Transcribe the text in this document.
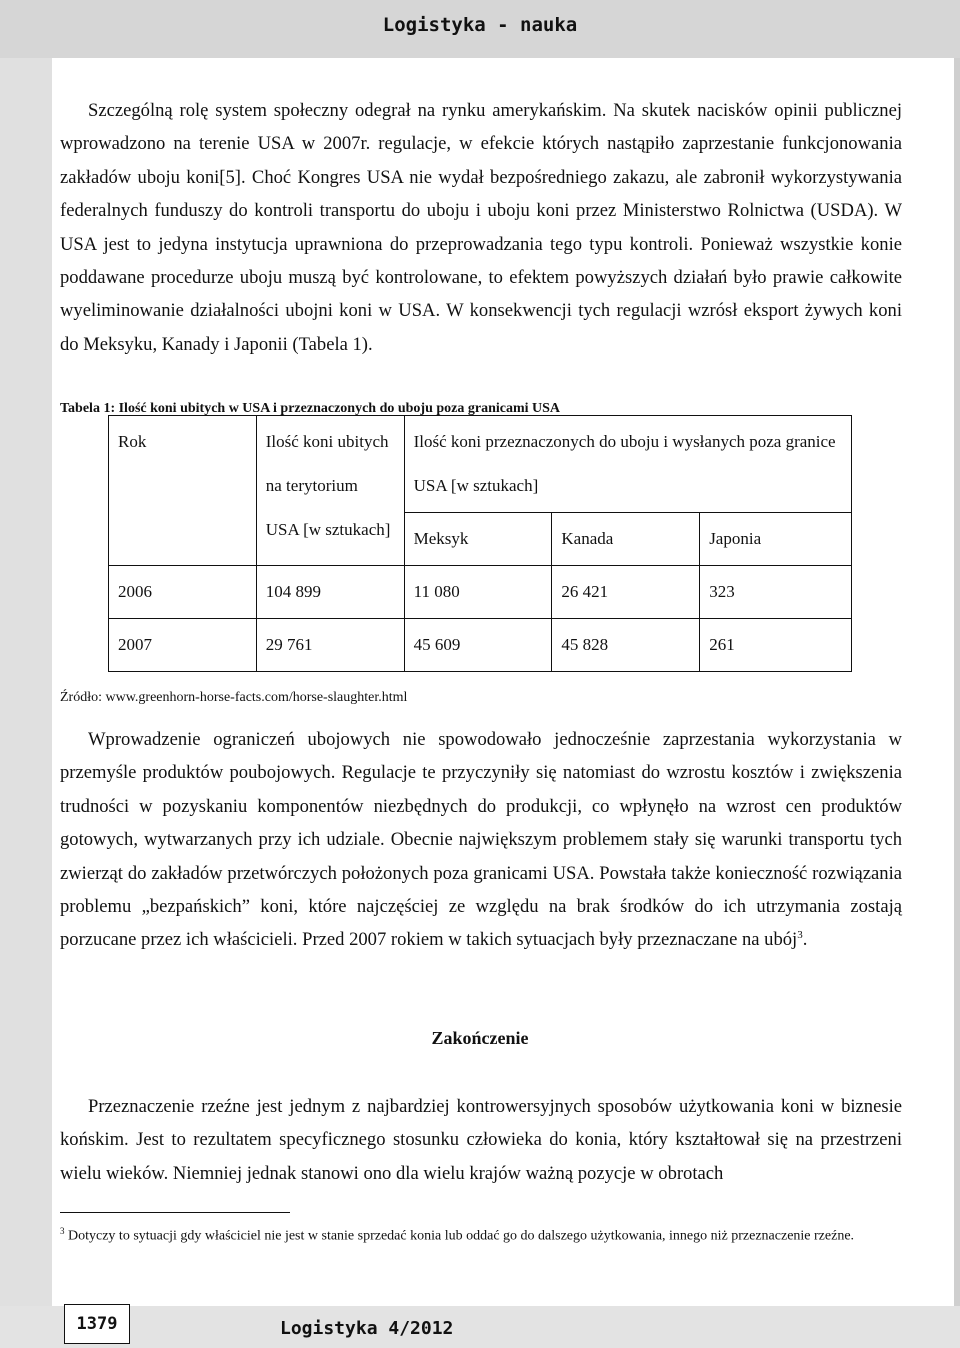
Logistyka - nauka

Szczególną rolę system społeczny odegrał na rynku amerykańskim. Na skutek nacisków opinii publicznej wprowadzono na terenie USA w 2007r. regulacje, w efekcie których nastąpiło zaprzestanie funkcjonowania zakładów uboju koni[5]. Choć Kongres USA nie wydał bezpośredniego zakazu, ale zabronił wykorzystywania federalnych funduszy do kontroli transportu do uboju i uboju koni przez Ministerstwo Rolnictwa (USDA). W USA jest to jedyna instytucja uprawniona do przeprowadzania tego typu kontroli. Ponieważ wszystkie konie poddawane procedurze uboju muszą być kontrolowane, to efektem powyższych działań było prawie całkowite wyeliminowanie działalności ubojni koni w USA. W konsekwencji tych regulacji wzrósł eksport żywych koni do Meksyku, Kanady i Japonii (Tabela 1).

Tabela 1: Ilość koni ubitych w USA i przeznaczonych do uboju poza granicami USA
Rok	Ilość koni ubitych na terytorium USA [w sztukach]	Ilość koni przeznaczonych do uboju i wysłanych poza granice USA [w sztukach]		
		Meksyk	Kanada	Japonia
2006	104 899	11 080	26 421	323
2007	29 761	45 609	45 828	261
Źródło: www.greenhorn-horse-facts.com/horse-slaughter.html

Wprowadzenie ograniczeń ubojowych nie spowodowało jednocześnie zaprzestania wykorzystania w przemyśle produktów poubojowych. Regulacje te przyczyniły się natomiast do wzrostu kosztów i zwiększenia trudności w pozyskaniu komponentów niezbędnych do produkcji, co wpłynęło na wzrost cen produktów gotowych, wytwarzanych przy ich udziale. Obecnie największym problemem stały się warunki transportu tych zwierząt do zakładów przetwórczych położonych poza granicami USA. Powstała także konieczność rozwiązania problemu „bezpańskich” koni, które najczęściej ze względu na brak środków do ich utrzymania zostają porzucane przez ich właścicieli. Przed 2007 rokiem w takich sytuacjach były przeznaczane na ubój$^3$.

Zakończenie

Przeznaczenie rzeźne jest jednym z najbardziej kontrowersyjnych sposobów użytkowania koni w biznesie końskim. Jest to rezultatem specyficznego stosunku człowieka do konia, który kształtował się na przestrzeni wielu wieków. Niemniej jednak stanowi ono dla wielu krajów ważną pozycje w obrotach

$^3$ Dotyczy to sytuacji gdy właściciel nie jest w stanie sprzedać konia lub oddać go do dalszego użytkowania, innego niż przeznaczenie rzeźne.
1379	Logistyka 4/2012
